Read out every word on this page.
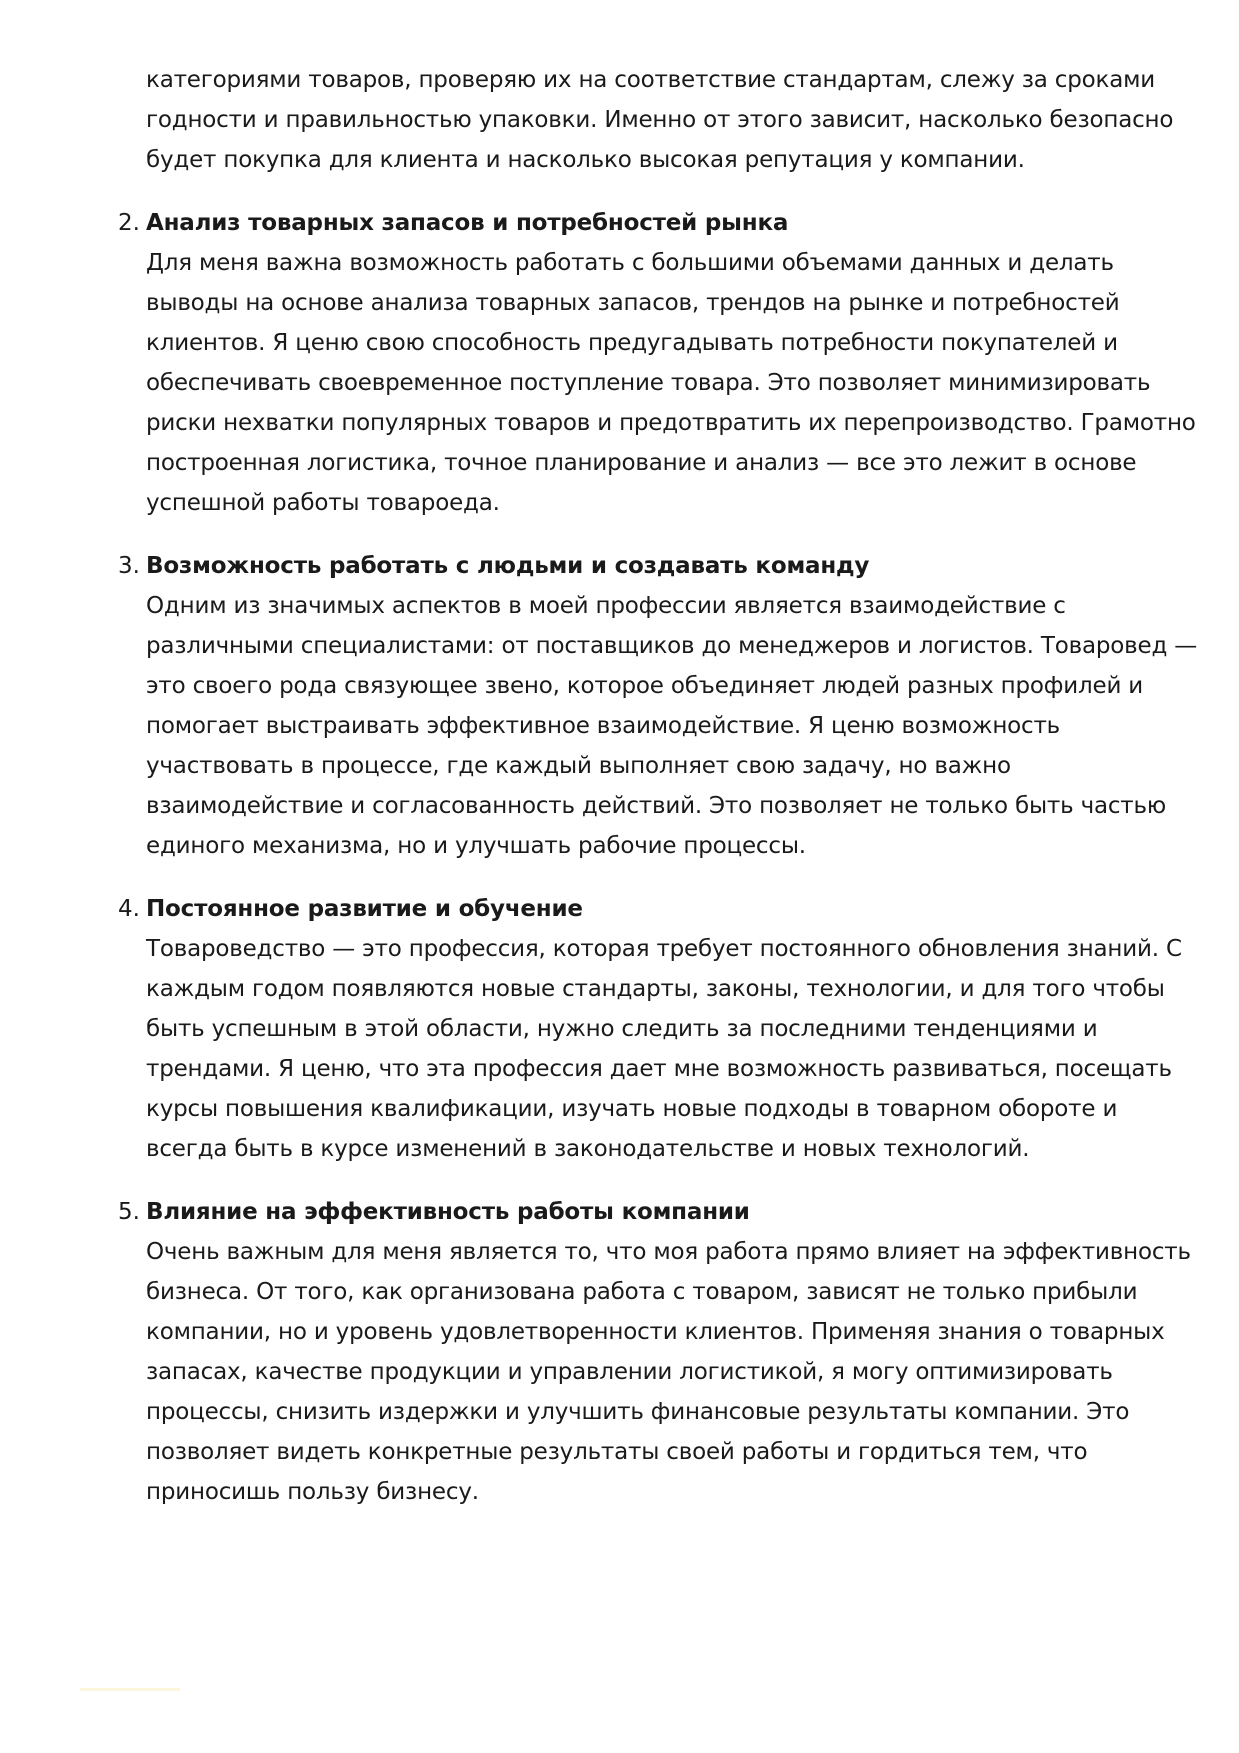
категориями товаров, проверяю их на соответствие стандартам, слежу за сроками
годности и правильностью упаковки. Именно от этого зависит, насколько безопасно
будет покупка для клиента и насколько высокая репутация у компании.
2. Анализ товарных запасов и потребностей рынка
Для меня важна возможность работать с большими объемами данных и делать
выводы на основе анализа товарных запасов, трендов на рынке и потребностей
клиентов. Я ценю свою способность предугадывать потребности покупателей и
обеспечивать своевременное поступление товара. Это позволяет минимизировать
риски нехватки популярных товаров и предотвратить их перепроизводство. Грамотно
построенная логистика, точное планирование и анализ — все это лежит в основе
успешной работы товароеда.
3. Возможность работать с людьми и создавать команду
Одним из значимых аспектов в моей профессии является взаимодействие с
различными специалистами: от поставщиков до менеджеров и логистов. Товаровед —
это своего рода связующее звено, которое объединяет людей разных профилей и
помогает выстраивать эффективное взаимодействие. Я ценю возможность
участвовать в процессе, где каждый выполняет свою задачу, но важно
взаимодействие и согласованность действий. Это позволяет не только быть частью
единого механизма, но и улучшать рабочие процессы.
4. Постоянное развитие и обучение
Товароведство — это профессия, которая требует постоянного обновления знаний. С
каждым годом появляются новые стандарты, законы, технологии, и для того чтобы
быть успешным в этой области, нужно следить за последними тенденциями и
трендами. Я ценю, что эта профессия дает мне возможность развиваться, посещать
курсы повышения квалификации, изучать новые подходы в товарном обороте и
всегда быть в курсе изменений в законодательстве и новых технологий.
5. Влияние на эффективность работы компании
Очень важным для меня является то, что моя работа прямо влияет на эффективность
бизнеса. От того, как организована работа с товаром, зависят не только прибыли
компании, но и уровень удовлетворенности клиентов. Применяя знания о товарных
запасах, качестве продукции и управлении логистикой, я могу оптимизировать
процессы, снизить издержки и улучшить финансовые результаты компании. Это
позволяет видеть конкретные результаты своей работы и гордиться тем, что
приносишь пользу бизнесу.
